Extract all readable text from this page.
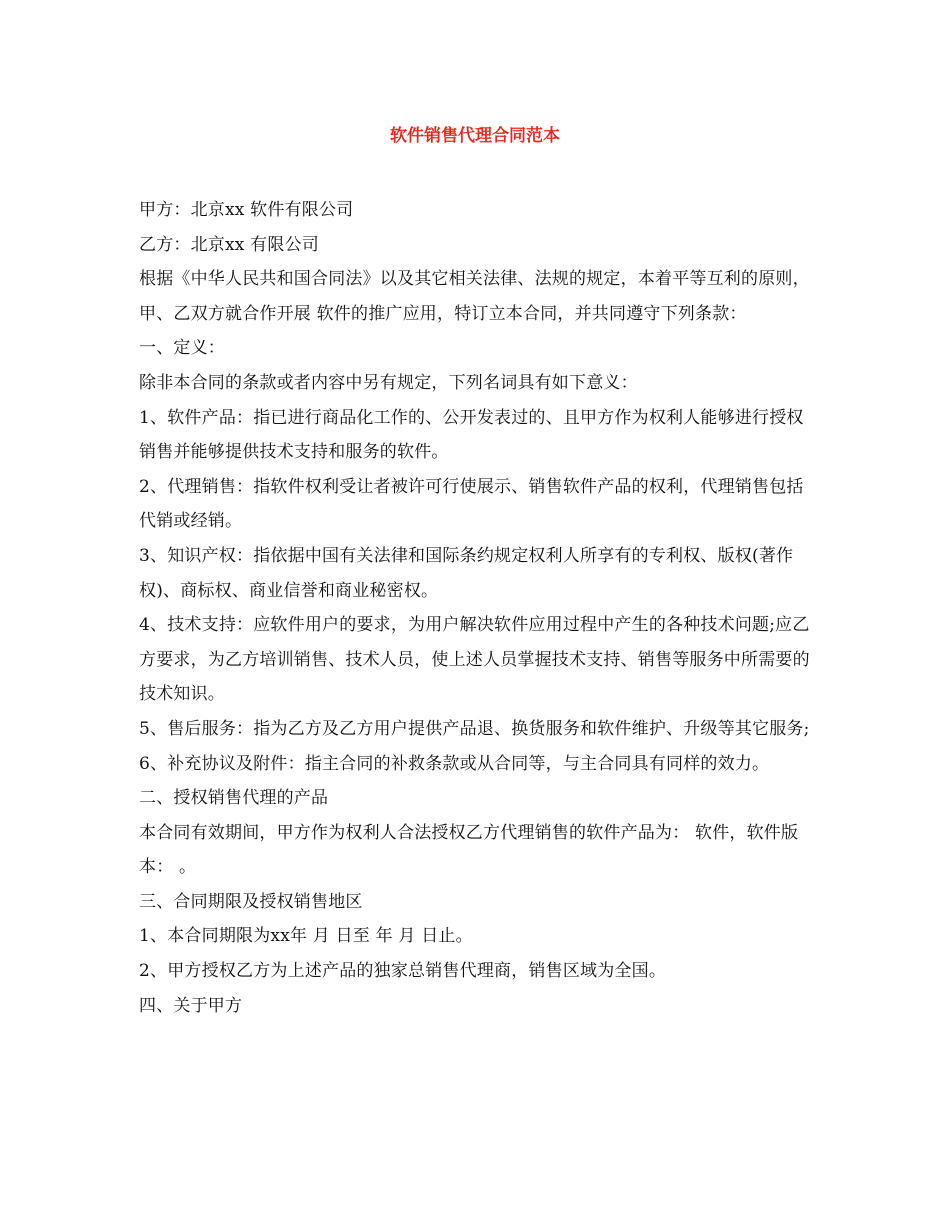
软件销售代理合同范本

甲方：北京xx 软件有限公司

乙方：北京xx 有限公司

根据《中华人民共和国合同法》以及其它相关法律、法规的规定，本着平等互利的原则，甲、乙双方就合作开展 软件的推广应用，特订立本合同，并共同遵守下列条款：

一、定义：

除非本合同的条款或者内容中另有规定，下列名词具有如下意义：

1、软件产品：指已进行商品化工作的、公开发表过的、且甲方作为权利人能够进行授权销售并能够提供技术支持和服务的软件。

2、代理销售：指软件权利受让者被许可行使展示、销售软件产品的权利，代理销售包括代销或经销。

3、知识产权：指依据中国有关法律和国际条约规定权利人所享有的专利权、版权(著作权)、商标权、商业信誉和商业秘密权。

4、技术支持：应软件用户的要求，为用户解决软件应用过程中产生的各种技术问题;应乙方要求，为乙方培训销售、技术人员，使上述人员掌握技术支持、销售等服务中所需要的技术知识。

5、售后服务：指为乙方及乙方用户提供产品退、换货服务和软件维护、升级等其它服务;

6、补充协议及附件：指主合同的补救条款或从合同等，与主合同具有同样的效力。

二、授权销售代理的产品

本合同有效期间，甲方作为权利人合法授权乙方代理销售的软件产品为： 软件，软件版本： 。

三、合同期限及授权销售地区

1、本合同期限为xx年 月 日至 年 月 日止。

2、甲方授权乙方为上述产品的独家总销售代理商，销售区域为全国。

四、关于甲方
